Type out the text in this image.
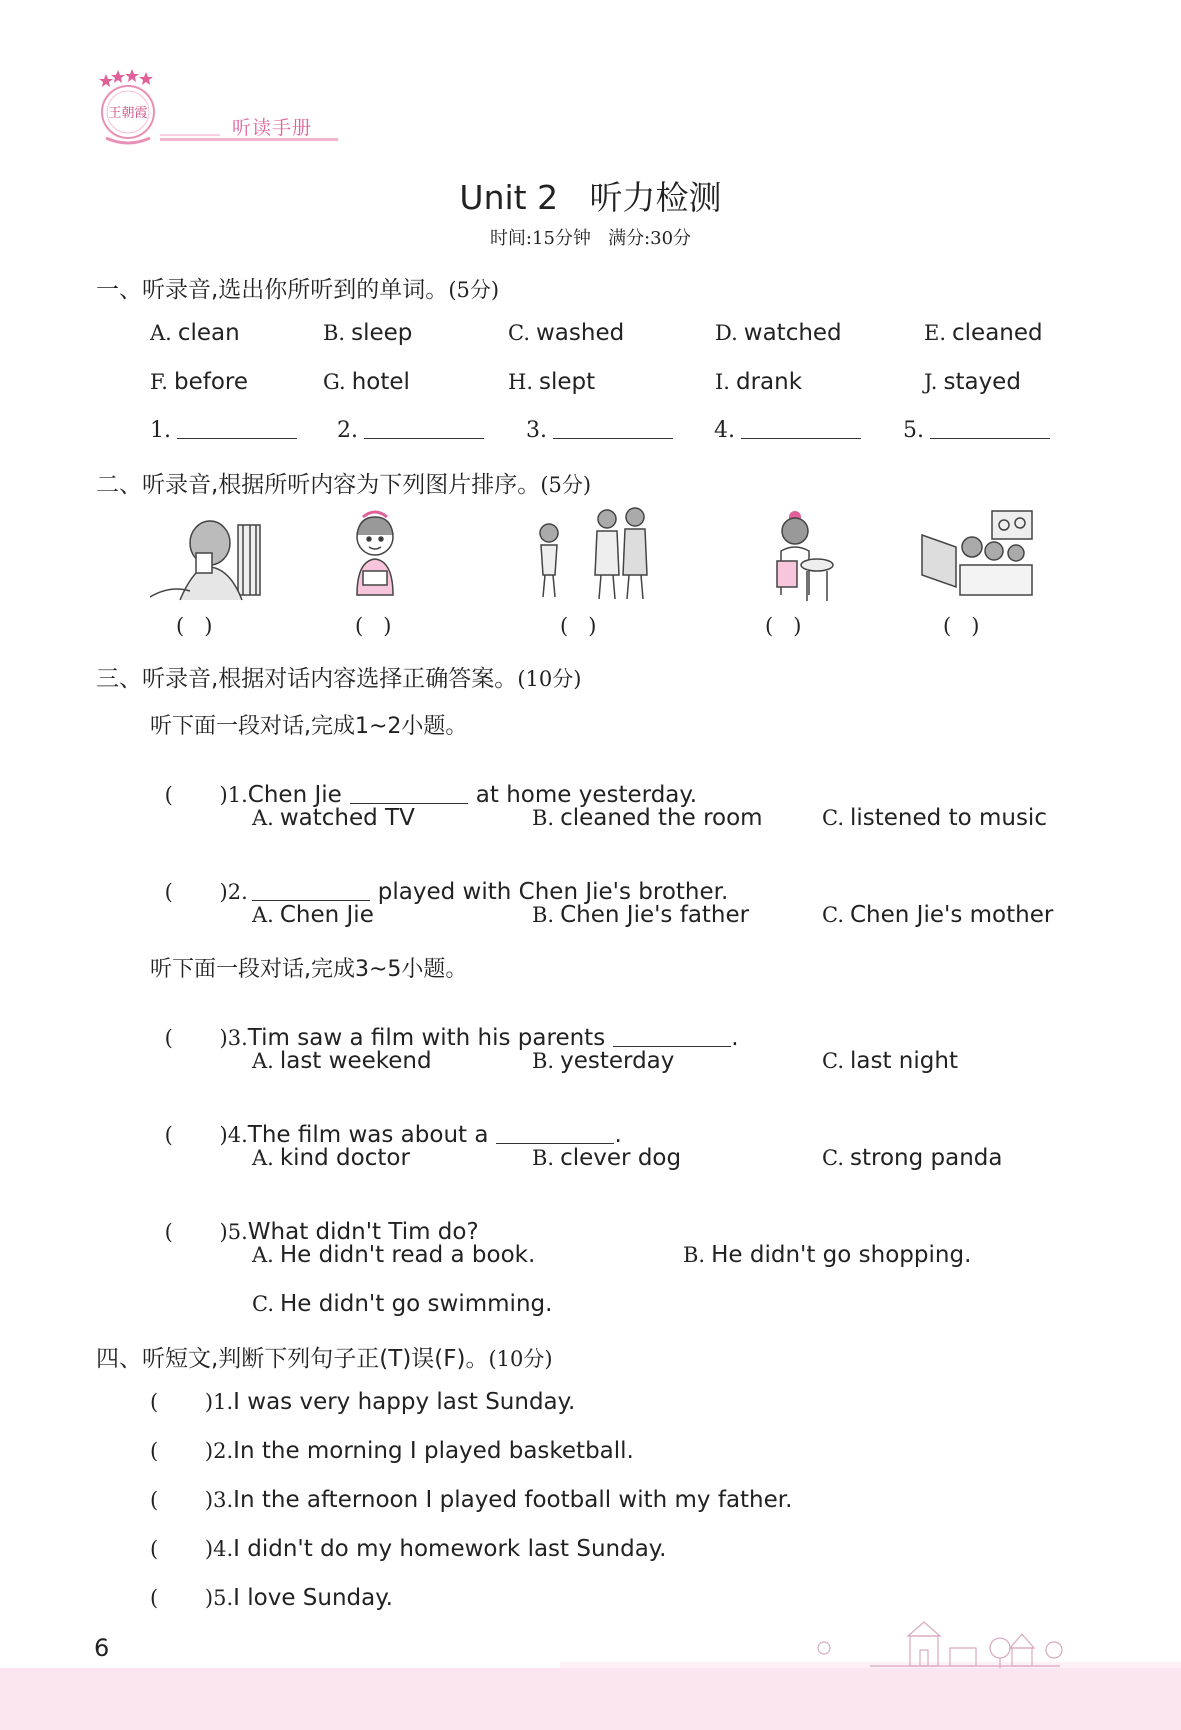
王朝霞
听读手册
Unit 2   听力检测
时间:15分钟   满分:30分
一、听录音,选出你所听到的单词。(5分)
A. clean	B. sleep	C. washed	D. watched	E. cleaned
F. before	G. hotel	H. slept	I. drank	J. stayed
1.	2.	3.	4.	5.
二、听录音,根据所听内容为下列图片排序。(5分)
(   )	(   )	(   )	(   )	(   )
三、听录音,根据对话内容选择正确答案。(10分)
听下面一段对话,完成1~2小题。

(       )1.Chen Jie	at home yesterday.

A. watched TV	B. cleaned the room	C. listened to music

(       )2.	played with Chen Jie's brother.

A. Chen Jie	B. Chen Jie's father	C. Chen Jie's mother
听下面一段对话,完成3~5小题。

(       )3.Tim saw a film with his parents	.

A. last weekend	B. yesterday	C. last night

(       )4.The film was about a	.

A. kind doctor	B. clever dog	C. strong panda

(       )5.What didn't Tim do?

A. He didn't read a book.	B. He didn't go shopping.
C. He didn't go swimming.
四、听短文,判断下列句子正(T)误(F)。(10分)
(       )1.I was very happy last Sunday.
(       )2.In the morning I played basketball.
(       )3.In the afternoon I played football with my father.
(       )4.I didn't do my homework last Sunday.
(       )5.I love Sunday.
6
